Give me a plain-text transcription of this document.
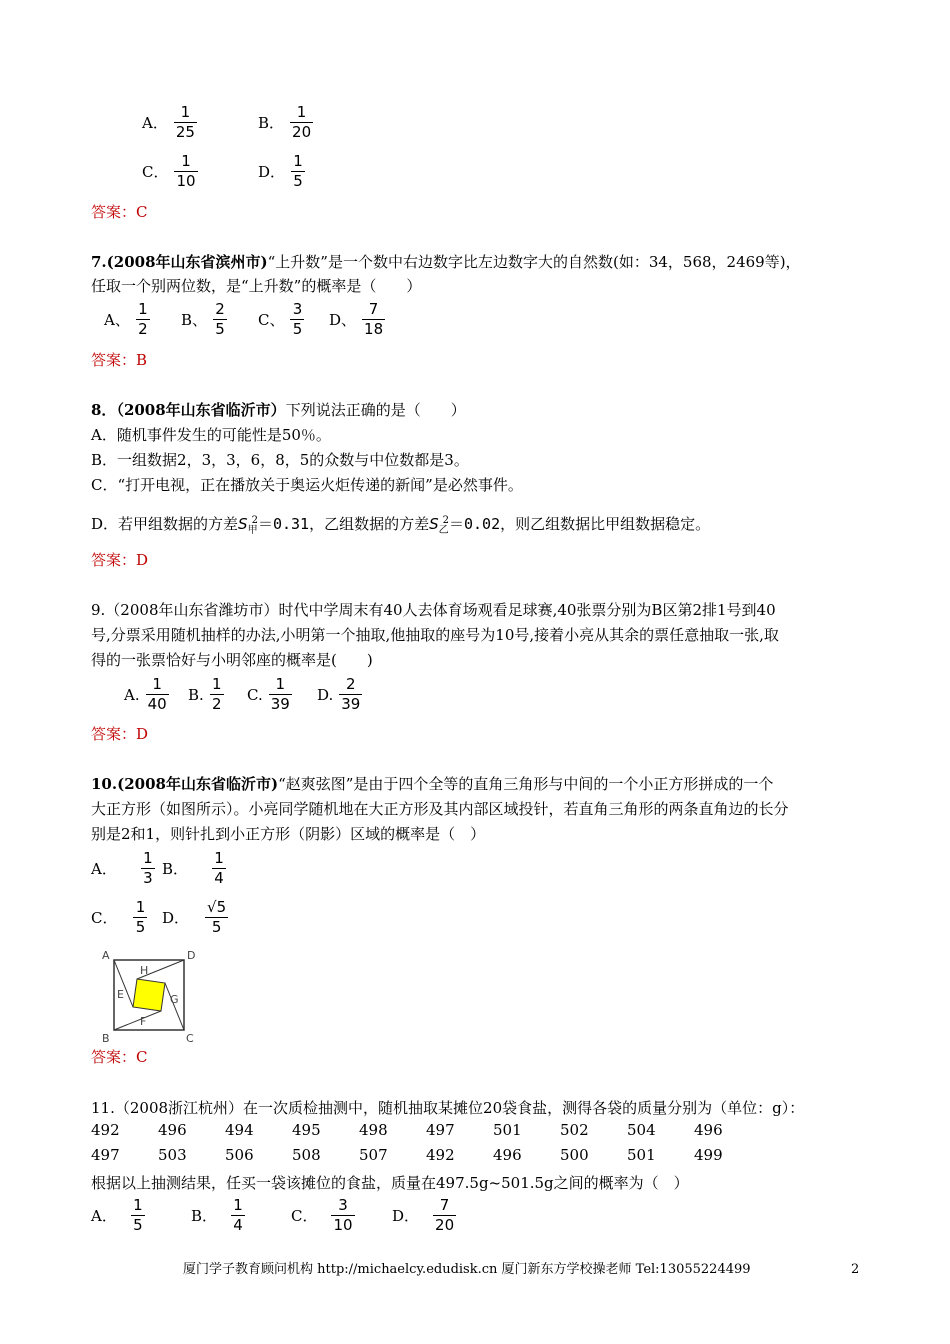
A． $\frac{1}{25}$	B． $\frac{1}{20}$
C． $\frac{1}{10}$	D． $\frac{1}{5}$
答案：C
7.(2008年山东省滨州市)“上升数”是一个数中右边数字比左边数字大的自然数(如：34，568，2469等)，
任取一个别两位数，是“上升数”的概率是（　　）
A、 $\frac{1}{2}$ B、 $\frac{2}{5}$ C、 $\frac{3}{5}$ D、 $\frac{7}{18}$
答案：B
8．（2008年山东省临沂市）下列说法正确的是（　　）
A．随机事件发生的可能性是50％。
B．一组数据2，3，3，6，8，5的众数与中位数都是3。
C．“打开电视，正在播放关于奥运火炬传递的新闻”是必然事件。
D．若甲组数据的方差$S_甲^2=0.31$，乙组数据的方差$S_乙^2=0.02$，则乙组数据比甲组数据稳定。
答案：D
9.（2008年山东省潍坊市）时代中学周末有40人去体育场观看足球赛,40张票分别为B区第2排1号到40
号,分票采用随机抽样的办法,小明第一个抽取,他抽取的座号为10号,接着小亮从其余的票任意抽取一张,取
得的一张票恰好与小明邻座的概率是(　　)
A. $\frac{1}{40} B$. $\frac{1}{2} C$. $\frac{1}{39} D$. $\frac{2}{39}$
答案：D
10.(2008年山东省临沂市)“赵爽弦图”是由于四个全等的直角三角形与中间的一个小正方形拼成的一个
大正方形（如图所示）。小亮同学随机地在大正方形及其内部区域投针，若直角三角形的两条直角边的长分
别是2和1，则针扎到小正方形（阴影）区域的概率是（　）
A． $\frac{1}{3}$ B． $\frac{1}{4}$
C． $\frac{1}{5}$ D． $\frac{√5}{5}$
A
B	C
D
E
F
G
H
答案：C
11.（2008浙江杭州）在一次质检抽测中，随机抽取某摊位20袋食盐，测得各袋的质量分别为（单位：g）：
492	496	494	495	498	497	501	502	504	496
497	503	506	508	507	492	496	500	501	499
根据以上抽测结果，任买一袋该摊位的食盐，质量在497.5g~501.5g之间的概率为（　）
A． $\frac{1}{5}$	B． $\frac{1}{4}$	C． $\frac{3}{10}$ D． $\frac{7}{20}$
厦门学子教育顾问机构 http://michaelcy.edudisk.cn 厦门新东方学校操老师 Tel:13055224499	2
